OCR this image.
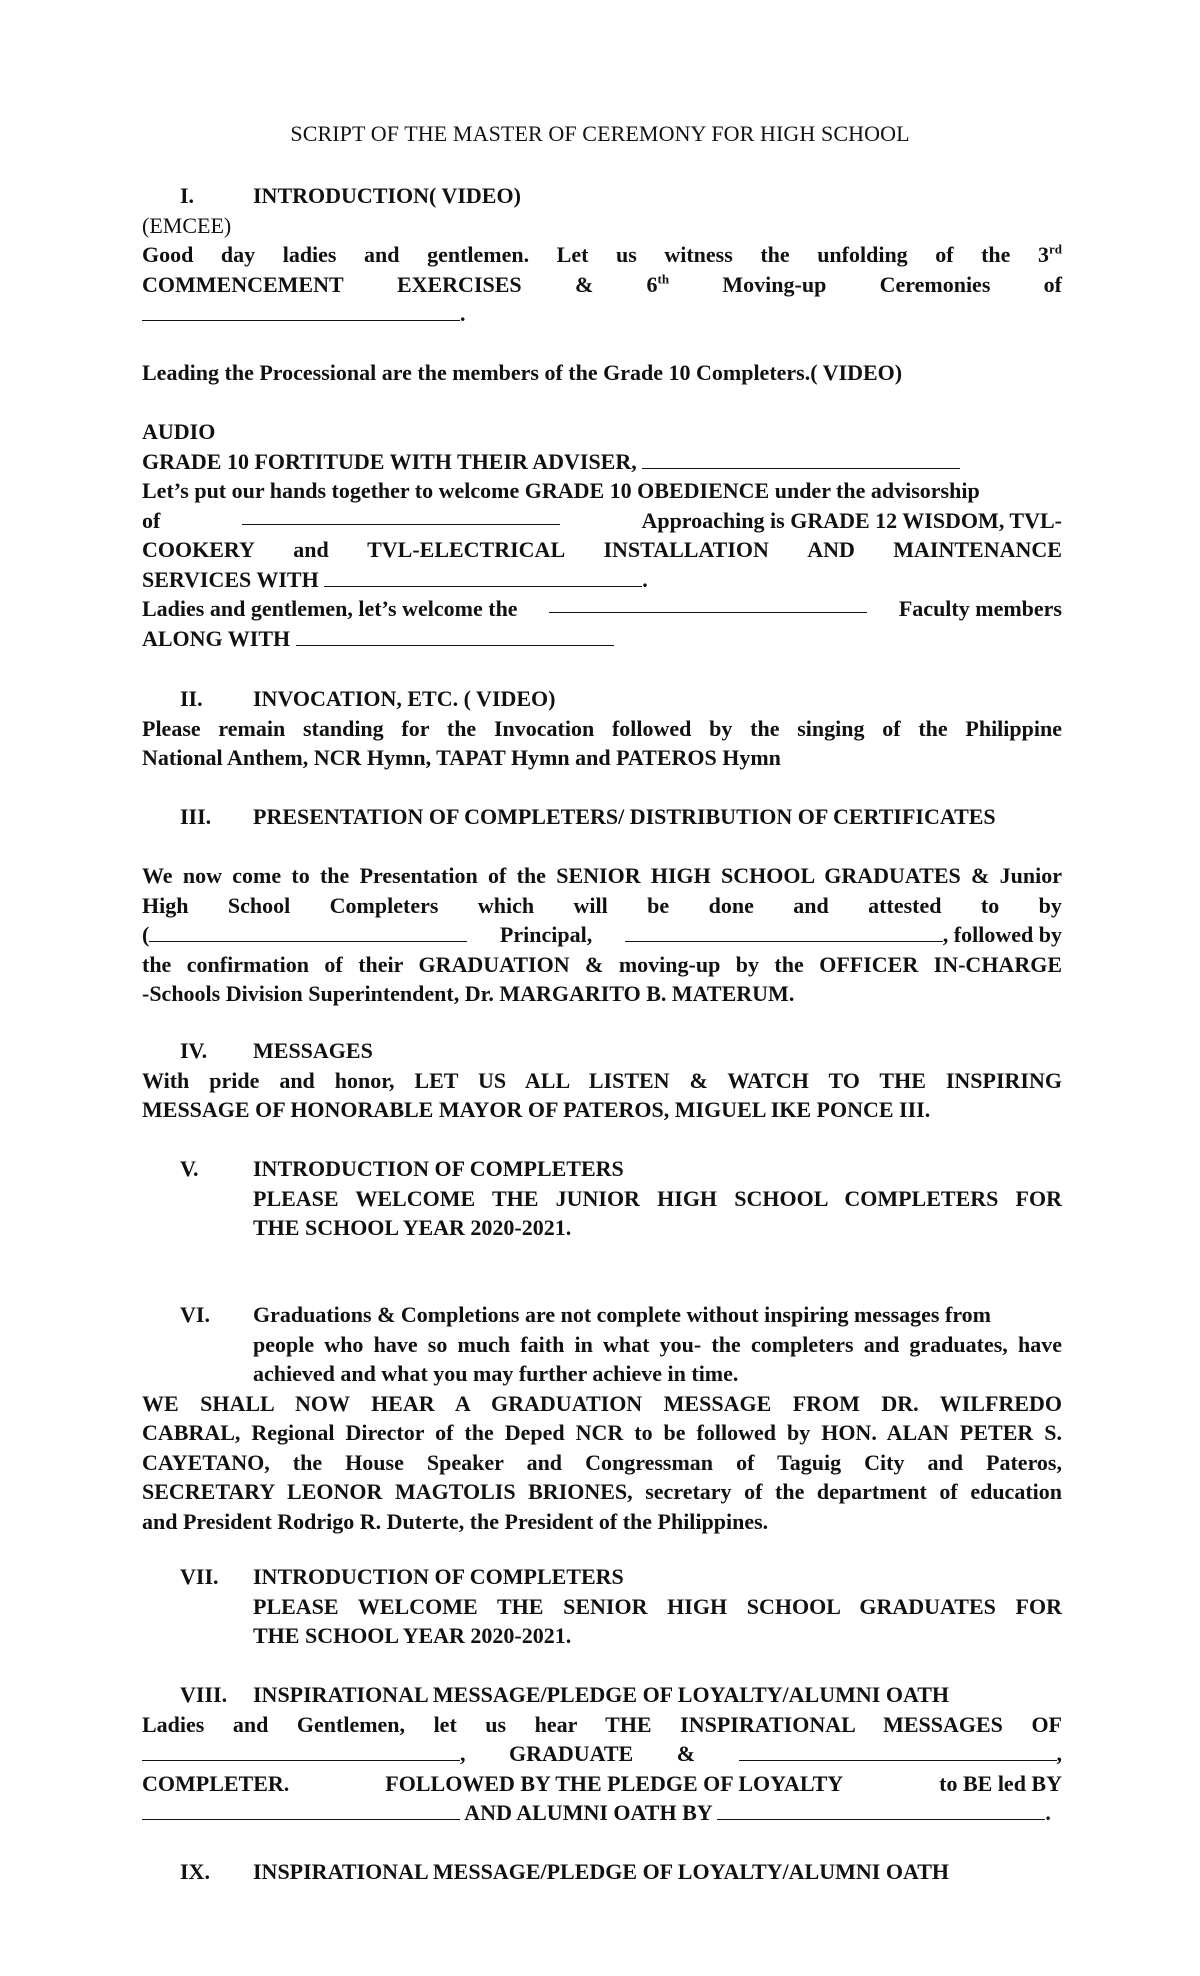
SCRIPT OF THE MASTER OF CEREMONY FOR HIGH SCHOOL
I.	INTRODUCTION( VIDEO)
(EMCEE)
Good day ladies and gentlemen. Let us witness the unfolding of the 3rd
COMMENCEMENT EXERCISES & 6th Moving-up Ceremonies of
.
Leading the Processional are the members of the Grade 10 Completers.( VIDEO)
AUDIO
GRADE 10 FORTITUDE WITH THEIR ADVISER,
Let’s put our hands together to welcome GRADE 10 OBEDIENCE under the advisorship
of	Approaching is GRADE 12 WISDOM, TVL-
COOKERY and TVL-ELECTRICAL INSTALLATION AND MAINTENANCE
SERVICES WITH	.
Ladies and gentlemen, let’s welcome the	Faculty members
ALONG WITH
II. INVOCATION, ETC. ( VIDEO)
Please remain standing for the Invocation followed by the singing of the Philippine
National Anthem, NCR Hymn, TAPAT Hymn and PATEROS Hymn
III. PRESENTATION OF COMPLETERS/ DISTRIBUTION OF CERTIFICATES
We now come to the Presentation of the SENIOR HIGH SCHOOL GRADUATES & Junior
High School Completers which will be done and attested to by
(	Principal,	, followed by
the confirmation of their GRADUATION & moving-up by the OFFICER IN-CHARGE
-Schools Division Superintendent, Dr. MARGARITO B. MATERUM.
IV. MESSAGES
With pride and honor, LET US ALL LISTEN & WATCH TO THE INSPIRING
MESSAGE OF HONORABLE MAYOR OF PATEROS, MIGUEL IKE PONCE III.
V. INTRODUCTION OF COMPLETERS
PLEASE WELCOME THE JUNIOR HIGH SCHOOL COMPLETERS FOR
THE SCHOOL YEAR 2020-2021.
VI. Graduations & Completions are not complete without inspiring messages from
people who have so much faith in what you- the completers and graduates, have
achieved and what you may further achieve in time.
WE SHALL NOW HEAR A GRADUATION MESSAGE FROM DR. WILFREDO
CABRAL, Regional Director of the Deped NCR to be followed by HON. ALAN PETER S.
CAYETANO, the House Speaker and Congressman of Taguig City and Pateros,
SECRETARY LEONOR MAGTOLIS BRIONES, secretary of the department of education
and President Rodrigo R. Duterte, the President of the Philippines.
VII. INTRODUCTION OF COMPLETERS
PLEASE WELCOME THE SENIOR HIGH SCHOOL GRADUATES FOR
THE SCHOOL YEAR 2020-2021.
VIII. INSPIRATIONAL MESSAGE/PLEDGE OF LOYALTY/ALUMNI OATH
Ladies and Gentlemen, let us hear THE INSPIRATIONAL MESSAGES OF
, GRADUATE &	,
COMPLETER.	FOLLOWED BY THE PLEDGE OF LOYALTY	to BE led BY
AND ALUMNI OATH BY	.
IX. INSPIRATIONAL MESSAGE/PLEDGE OF LOYALTY/ALUMNI OATH
